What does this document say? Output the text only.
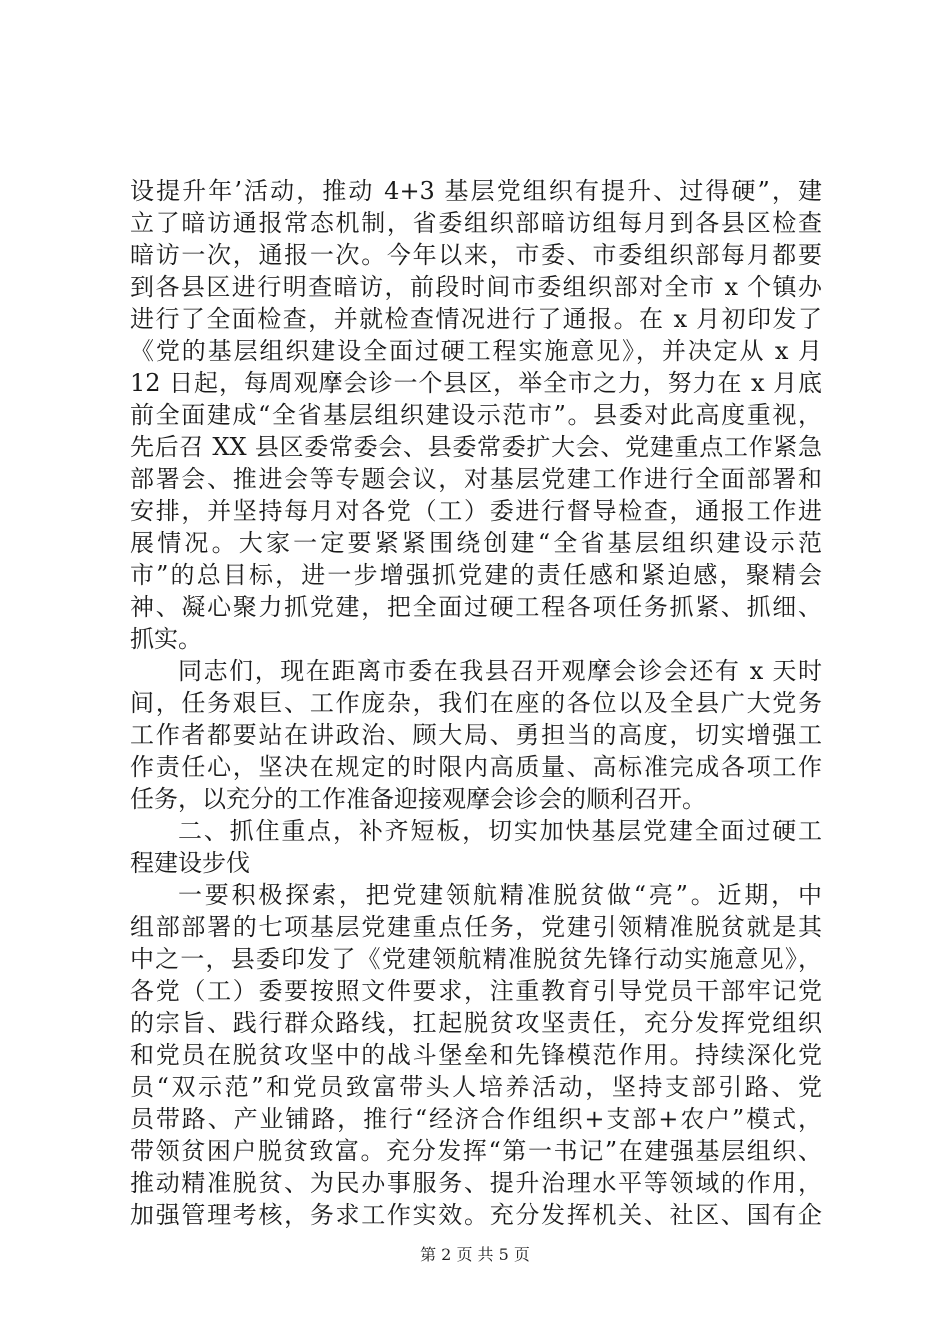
设提升年’活动，推动 4+3 基层党组织有提升、过得硬”，建
立了暗访通报常态机制，省委组织部暗访组每月到各县区检查
暗访一次，通报一次。今年以来，市委、市委组织部每月都要
到各县区进行明查暗访，前段时间市委组织部对全市 x 个镇办
进行了全面检查，并就检查情况进行了通报。在 x 月初印发了
《党的基层组织建设全面过硬工程实施意见》，并决定从 x 月
12 日起，每周观摩会诊一个县区，举全市之力，努力在 x 月底
前全面建成“全省基层组织建设示范市”。县委对此高度重视，
先后召 XX 县区委常委会、县委常委扩大会、党建重点工作紧急
部署会、推进会等专题会议，对基层党建工作进行全面部署和
安排，并坚持每月对各党（工）委进行督导检查，通报工作进
展情况。大家一定要紧紧围绕创建“全省基层组织建设示范
市”的总目标，进一步增强抓党建的责任感和紧迫感，聚精会
神、凝心聚力抓党建，把全面过硬工程各项任务抓紧、抓细、
抓实。
同志们，现在距离市委在我县召开观摩会诊会还有 x 天时
间，任务艰巨、工作庞杂，我们在座的各位以及全县广大党务
工作者都要站在讲政治、顾大局、勇担当的高度，切实增强工
作责任心，坚决在规定的时限内高质量、高标准完成各项工作
任务，以充分的工作准备迎接观摩会诊会的顺利召开。
二、抓住重点，补齐短板，切实加快基层党建全面过硬工
程建设步伐
一要积极探索，把党建领航精准脱贫做“亮”。近期，中
组部部署的七项基层党建重点任务，党建引领精准脱贫就是其
中之一，县委印发了《党建领航精准脱贫先锋行动实施意见》，
各党（工）委要按照文件要求，注重教育引导党员干部牢记党
的宗旨、践行群众路线，扛起脱贫攻坚责任，充分发挥党组织
和党员在脱贫攻坚中的战斗堡垒和先锋模范作用。持续深化党
员“双示范”和党员致富带头人培养活动，坚持支部引路、党
员带路、产业铺路，推行“经济合作组织+支部+农户”模式，
带领贫困户脱贫致富。充分发挥“第一书记”在建强基层组织、
推动精准脱贫、为民办事服务、提升治理水平等领域的作用，
加强管理考核，务求工作实效。充分发挥机关、社区、国有企
第 2 页 共 5 页
